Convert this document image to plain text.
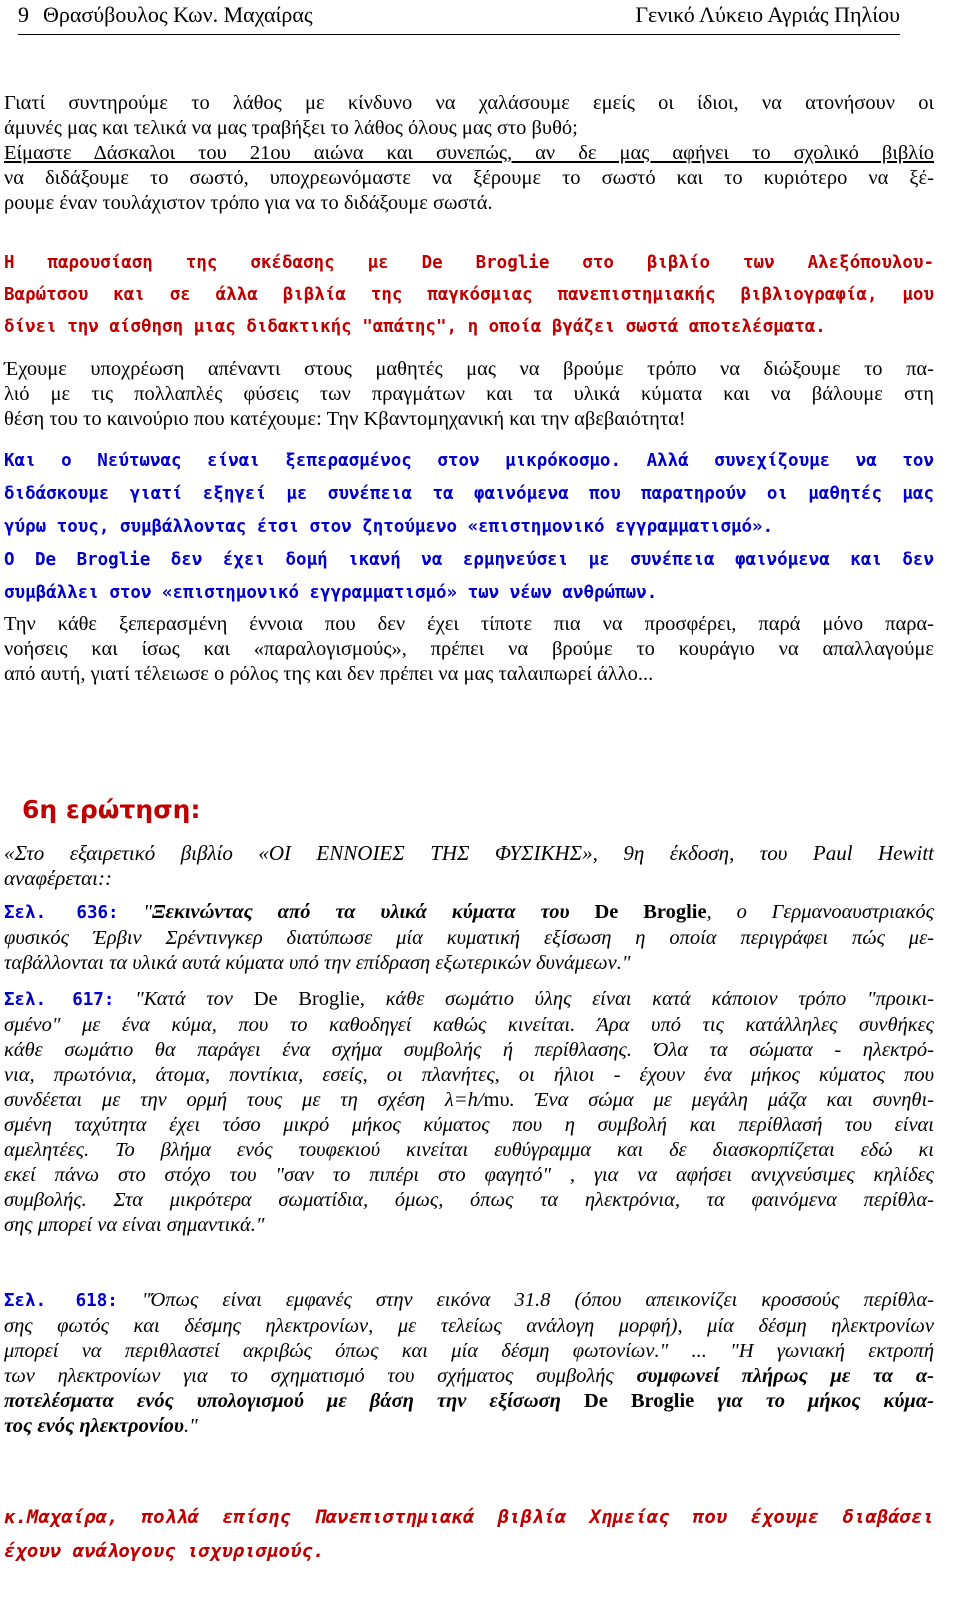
9 Θρασύβουλος Κων. Μαχαίρας	Γενικό Λύκειο Αγριάς Πηλίου
Γιατί συντηρούμε το λάθος με κίνδυνο να χαλάσουμε εμείς οι ίδιοι, να ατονήσουν οι
άμυνές μας και τελικά να μας τραβήξει το λάθος όλους μας στο βυθό;
Είμαστε Δάσκαλοι του 21ου αιώνα και συνεπώς, αν δε μας αφήνει το σχολικό βιβλίο
να διδάξουμε το σωστό, υποχρεωνόμαστε να ξέρουμε το σωστό και το κυριότερο να ξέ-
ρουμε έναν τουλάχιστον τρόπο για να το διδάξουμε σωστά.
Η παρουσίαση της σκέδασης με De Broglie στο βιβλίο των Αλεξόπουλου-
Βαρώτσου και σε άλλα βιβλία της παγκόσμιας πανεπιστημιακής βιβλιογραφία, μου
δίνει την αίσθηση μιας διδακτικής "απάτης", η οποία βγάζει σωστά αποτελέσματα.
Έχουμε υποχρέωση απέναντι στους μαθητές μας να βρούμε τρόπο να διώξουμε το πα-
λιό με τις πολλαπλές φύσεις των πραγμάτων και τα υλικά κύματα και να βάλουμε στη
θέση του το καινούριο που κατέχουμε: Την Κβαντομηχανική και την αβεβαιότητα!
Και ο Νεύτωνας είναι ξεπερασμένος στον μικρόκοσμο. Αλλά συνεχίζουμε να τον
διδάσκουμε γιατί εξηγεί με συνέπεια τα φαινόμενα που παρατηρούν οι μαθητές μας
γύρω τους, συμβάλλοντας έτσι στον ζητούμενο «επιστημονικό εγγραμματισμό».
Ο De Broglie δεν έχει δομή ικανή να ερμηνεύσει με συνέπεια φαινόμενα και δεν
συμβάλλει στον «επιστημονικό εγγραμματισμό» των νέων ανθρώπων.
Την κάθε ξεπερασμένη έννοια που δεν έχει τίποτε πια να προσφέρει, παρά μόνο παρα-
νοήσεις και ίσως και «παραλογισμούς», πρέπει να βρούμε το κουράγιο να απαλλαγούμε
από αυτή, γιατί τέλειωσε ο ρόλος της και δεν πρέπει να μας ταλαιπωρεί άλλο...
6η ερώτηση:
«Στο εξαιρετικό βιβλίο «ΟΙ ΕΝΝΟΙΕΣ ΤΗΣ ΦΥΣΙΚΗΣ», 9η έκδοση, του Paul Hewitt
αναφέρεται::
Σελ. 636: "Ξεκινώντας από τα υλικά κύματα του De Broglie, ο Γερμανοαυστριακός
φυσικός Έρβιν Σρέντινγκερ διατύπωσε μία κυματική εξίσωση η οποία περιγράφει πώς με-
ταβάλλονται τα υλικά αυτά κύματα υπό την επίδραση εξωτερικών δυνάμεων."
Σελ. 617: "Κατά τον De Broglie, κάθε σωμάτιο ύλης είναι κατά κάποιον τρόπο "προικι-
σμένο" με ένα κύμα, που το καθοδηγεί καθώς κινείται. Άρα υπό τις κατάλληλες συνθήκες
κάθε σωμάτιο θα παράγει ένα σχήμα συμβολής ή περίθλασης. Όλα τα σώματα - ηλεκτρό-
νια, πρωτόνια, άτομα, ποντίκια, εσείς, οι πλανήτες, οι ήλιοι - έχουν ένα μήκος κύματος που
συνδέεται με την ορμή τους με τη σχέση λ=h/mυ. Ένα σώμα με μεγάλη μάζα και συνηθι-
σμένη ταχύτητα έχει τόσο μικρό μήκος κύματος που η συμβολή και περίθλασή του είναι
αμελητέες. Το βλήμα ενός τουφεκιού κινείται ευθύγραμμα και δε διασκορπίζεται εδώ κι
εκεί πάνω στο στόχο του "σαν το πιπέρι στο φαγητό" , για να αφήσει ανιχνεύσιμες κηλίδες
συμβολής. Στα μικρότερα σωματίδια, όμως, όπως τα ηλεκτρόνια, τα φαινόμενα περίθλα-
σης μπορεί να είναι σημαντικά."
Σελ. 618: "Όπως είναι εμφανές στην εικόνα 31.8 (όπου απεικονίζει κροσσούς περίθλα-
σης φωτός και δέσμης ηλεκτρονίων, με τελείως ανάλογη μορφή), μία δέσμη ηλεκτρονίων
μπορεί να περιθλαστεί ακριβώς όπως και μία δέσμη φωτονίων." ... "Η γωνιακή εκτροπή
των ηλεκτρονίων για το σχηματισμό του σχήματος συμβολής συμφωνεί πλήρως με τα α-
ποτελέσματα ενός υπολογισμού με βάση την εξίσωση De Broglie για το μήκος κύμα-
τος ενός ηλεκτρονίου."
κ.Μαχαίρα, πολλά επίσης Πανεπιστημιακά βιβλία Χημείας που έχουμε διαβάσει
έχουν ανάλογους ισχυρισμούς.
